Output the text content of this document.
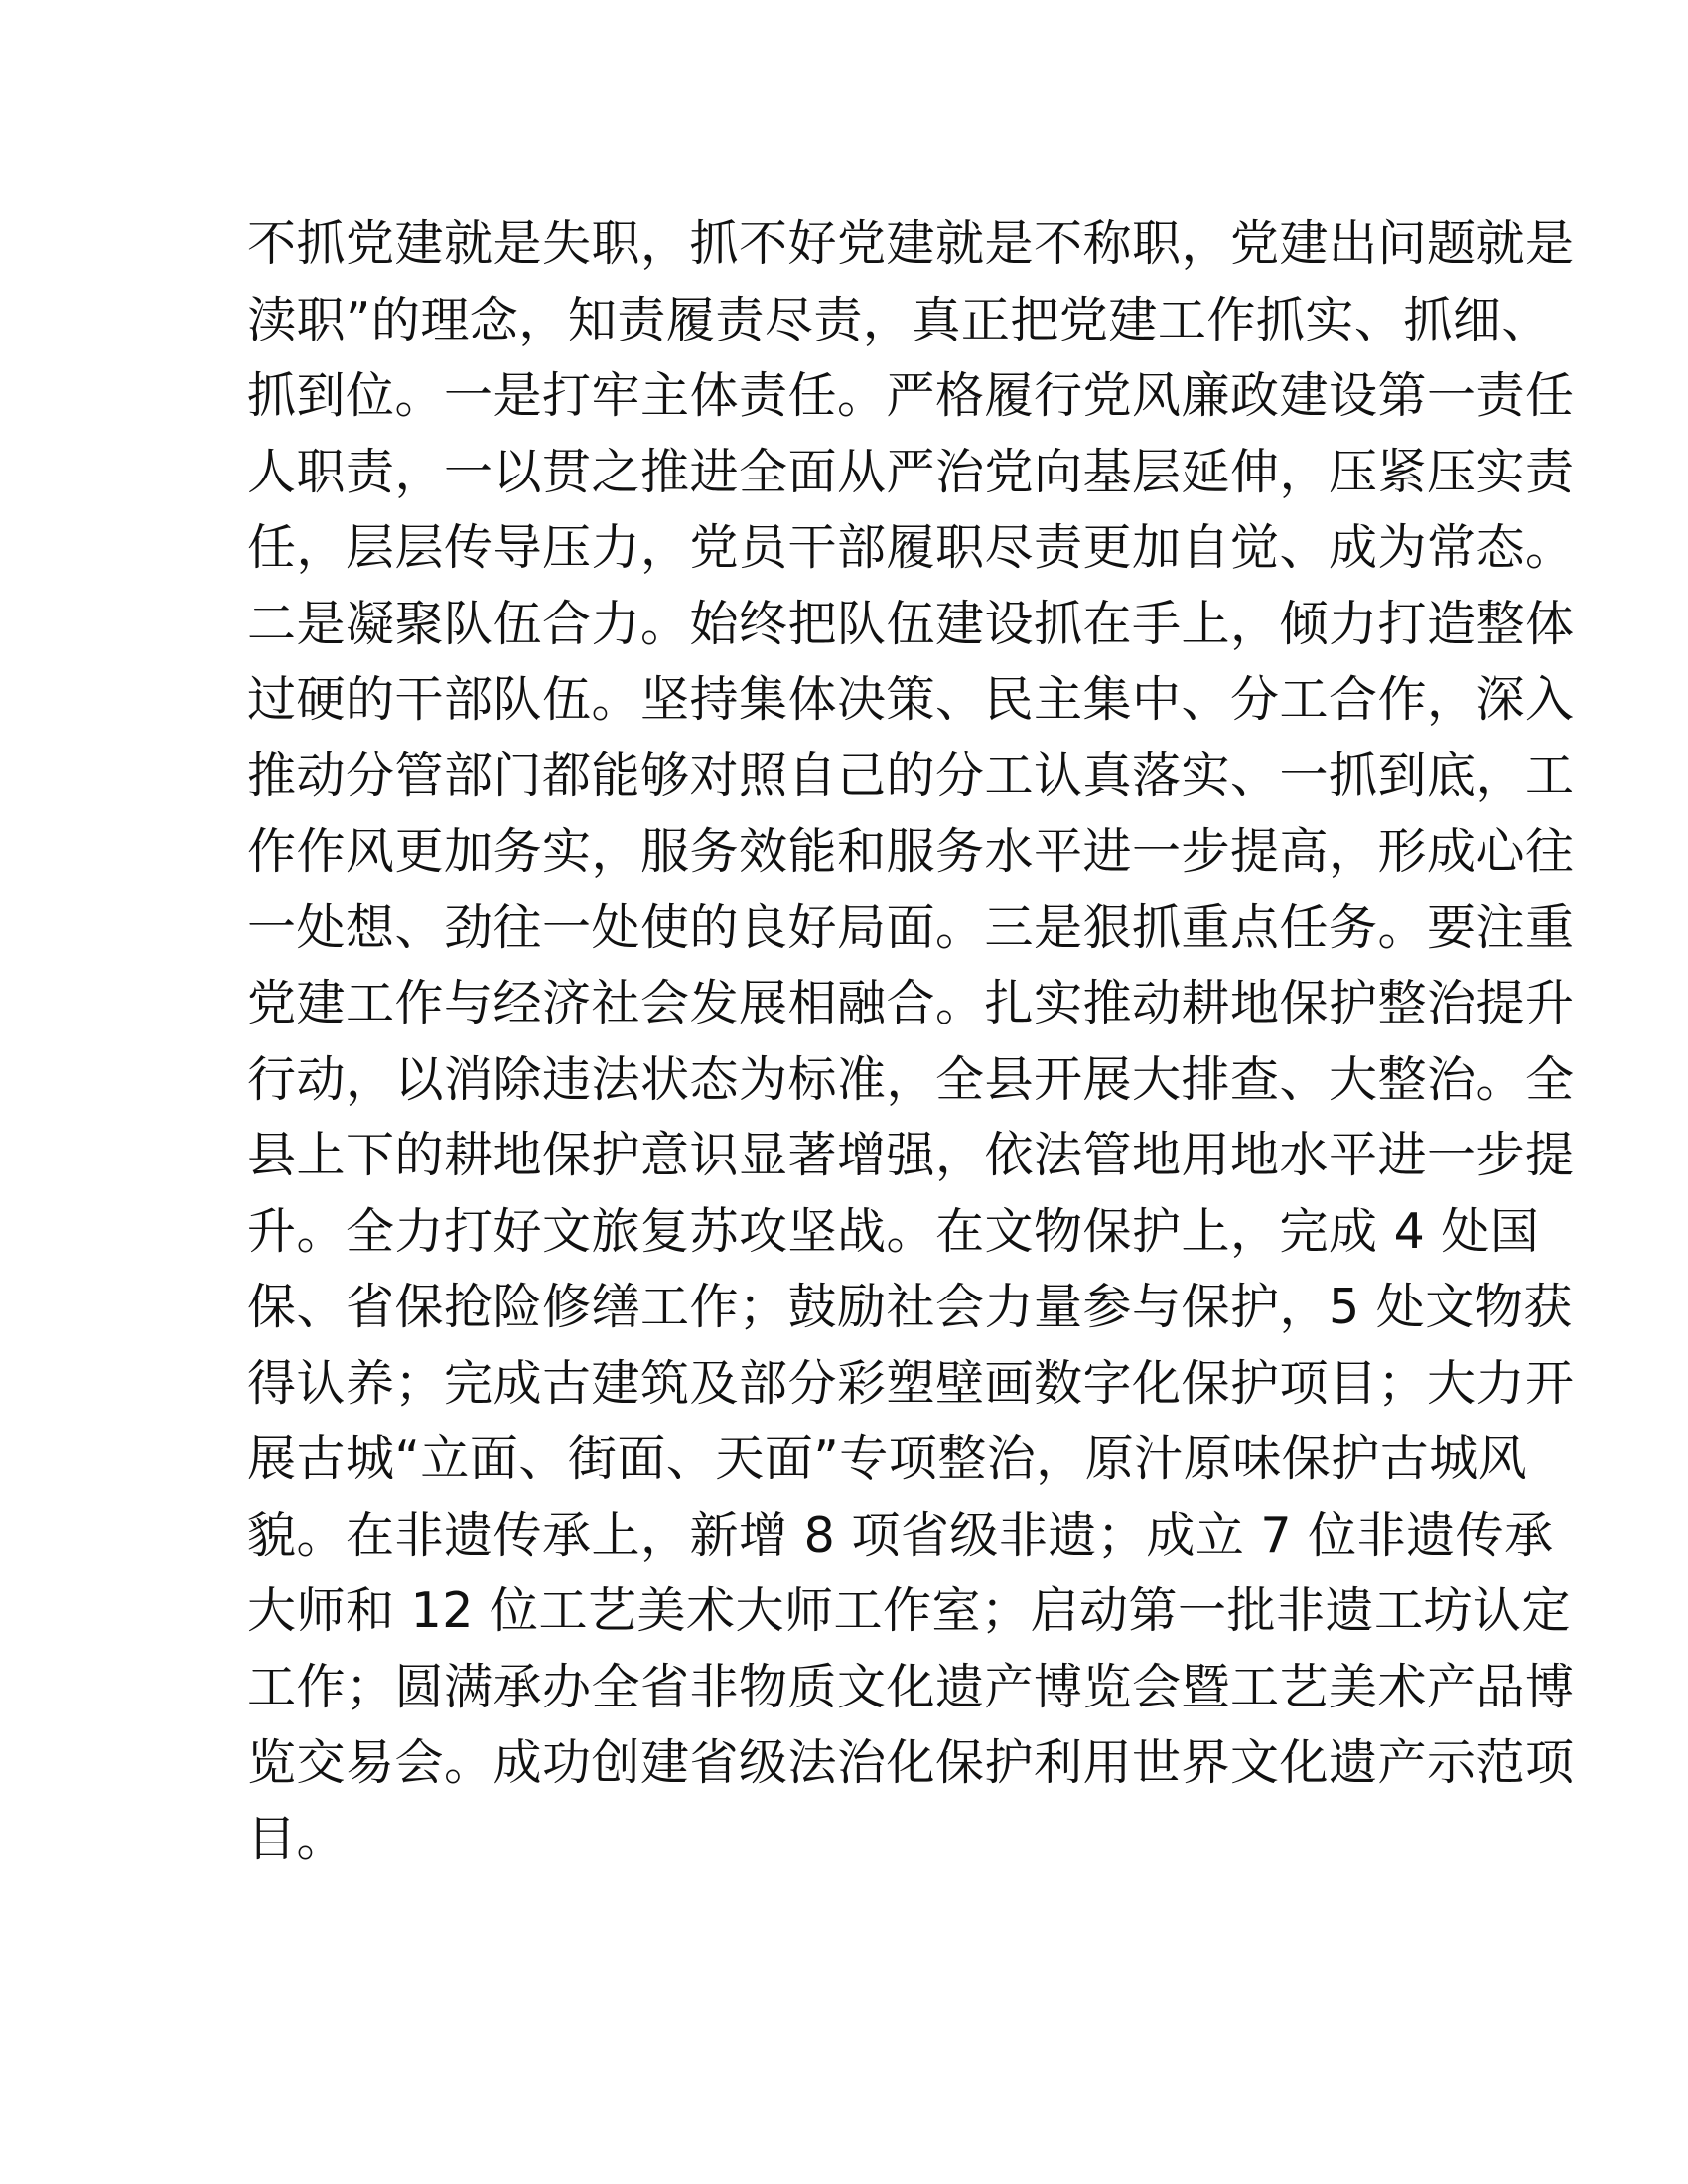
不抓党建就是失职，抓不好党建就是不称职，党建出问题就是
渎职”的理念，知责履责尽责，真正把党建工作抓实、抓细、
抓到位。一是打牢主体责任。严格履行党风廉政建设第一责任
人职责，一以贯之推进全面从严治党向基层延伸，压紧压实责
任，层层传导压力，党员干部履职尽责更加自觉、成为常态。
二是凝聚队伍合力。始终把队伍建设抓在手上，倾力打造整体
过硬的干部队伍。坚持集体决策、民主集中、分工合作，深入
推动分管部门都能够对照自己的分工认真落实、一抓到底，工
作作风更加务实，服务效能和服务水平进一步提高，形成心往
一处想、劲往一处使的良好局面。三是狠抓重点任务。要注重
党建工作与经济社会发展相融合。扎实推动耕地保护整治提升
行动，以消除违法状态为标准，全县开展大排查、大整治。全
县上下的耕地保护意识显著增强，依法管地用地水平进一步提
升。全力打好文旅复苏攻坚战。在文物保护上，完成 4 处国
保、省保抢险修缮工作；鼓励社会力量参与保护，5 处文物获
得认养；完成古建筑及部分彩塑壁画数字化保护项目；大力开
展古城“立面、街面、天面”专项整治，原汁原味保护古城风
貌。在非遗传承上，新增 8 项省级非遗；成立 7 位非遗传承
大师和 12 位工艺美术大师工作室；启动第一批非遗工坊认定
工作；圆满承办全省非物质文化遗产博览会暨工艺美术产品博
览交易会。成功创建省级法治化保护利用世界文化遗产示范项
目。
